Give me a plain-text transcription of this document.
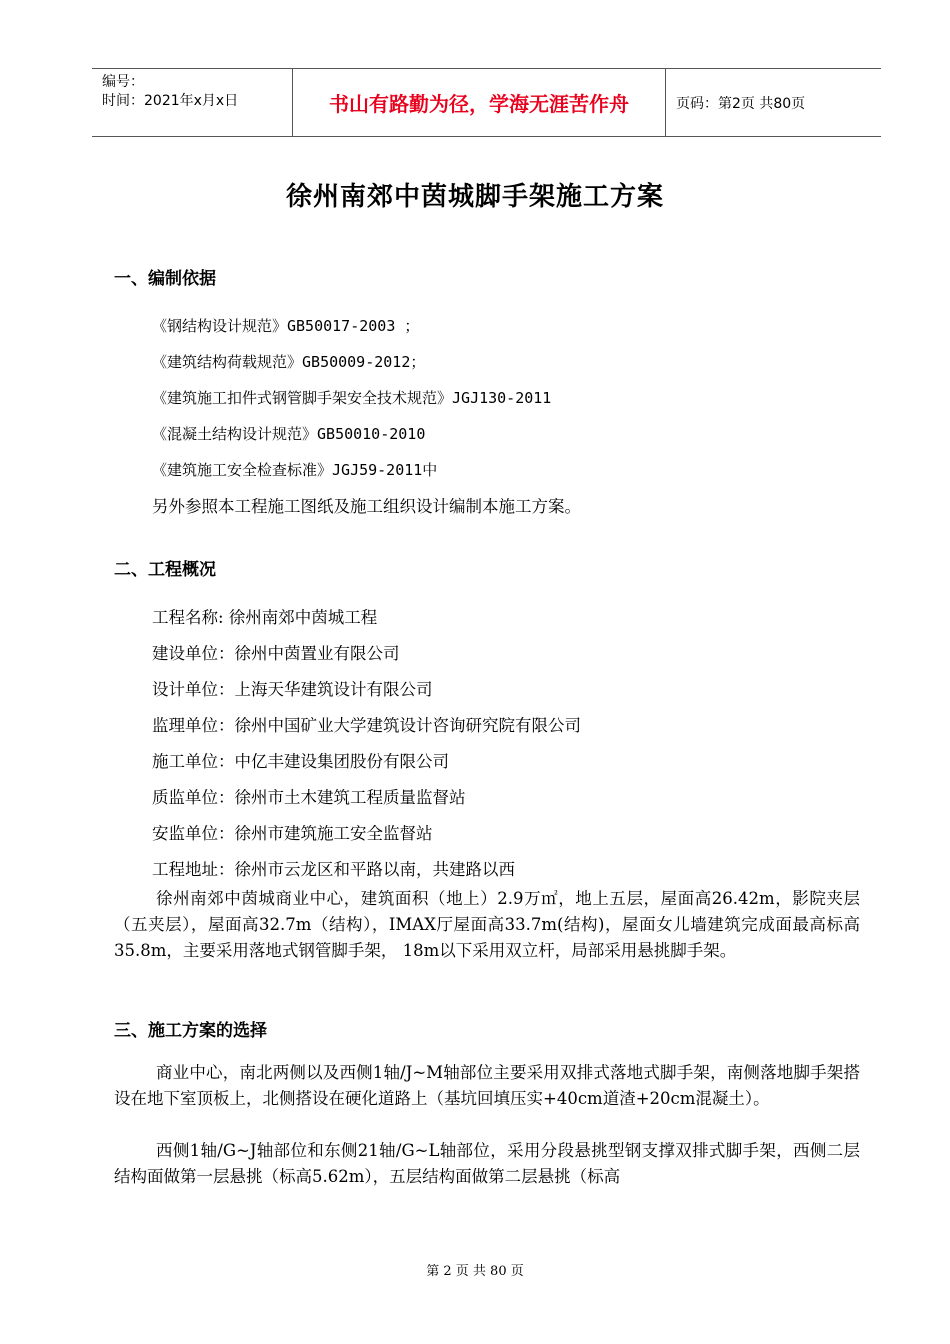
编号：
时间：2021年x月x日	书山有路勤为径，学海无涯苦作舟	页码：第2页 共80页
徐州南郊中茵城脚手架施工方案
一、编制依据
《钢结构设计规范》GB50017-2003 ；
《建筑结构荷载规范》GB50009-2012；
《建筑施工扣件式钢管脚手架安全技术规范》JGJ130-2011
《混凝土结构设计规范》GB50010-2010
《建筑施工安全检查标准》JGJ59-2011中
另外参照本工程施工图纸及施工组织设计编制本施工方案。
二、工程概况
工程名称: 徐州南郊中茵城工程
建设单位：徐州中茵置业有限公司
设计单位：上海天华建筑设计有限公司
监理单位：徐州中国矿业大学建筑设计咨询研究院有限公司
施工单位：中亿丰建设集团股份有限公司
质监单位：徐州市土木建筑工程质量监督站
安监单位：徐州市建筑施工安全监督站
工程地址：徐州市云龙区和平路以南，共建路以西
徐州南郊中茵城商业中心，建筑面积（地上）2.9万㎡，地上五层，屋面高26.42m，影院夹层（五夹层），屋面高32.7m（结构），IMAX厅屋面高33.7m(结构)，屋面女儿墙建筑完成面最高标高35.8m，主要采用落地式钢管脚手架， 18m以下采用双立杆，局部采用悬挑脚手架。
三、施工方案的选择
商业中心，南北两侧以及西侧1轴/J~M轴部位主要采用双排式落地式脚手架，南侧落地脚手架搭设在地下室顶板上，北侧搭设在硬化道路上（基坑回填压实+40cm道渣+20cm混凝土）。
西侧1轴/G~J轴部位和东侧21轴/G~L轴部位，采用分段悬挑型钢支撑双排式脚手架，西侧二层结构面做第一层悬挑（标高5.62m），五层结构面做第二层悬挑（标高
第 2 页 共 80 页
